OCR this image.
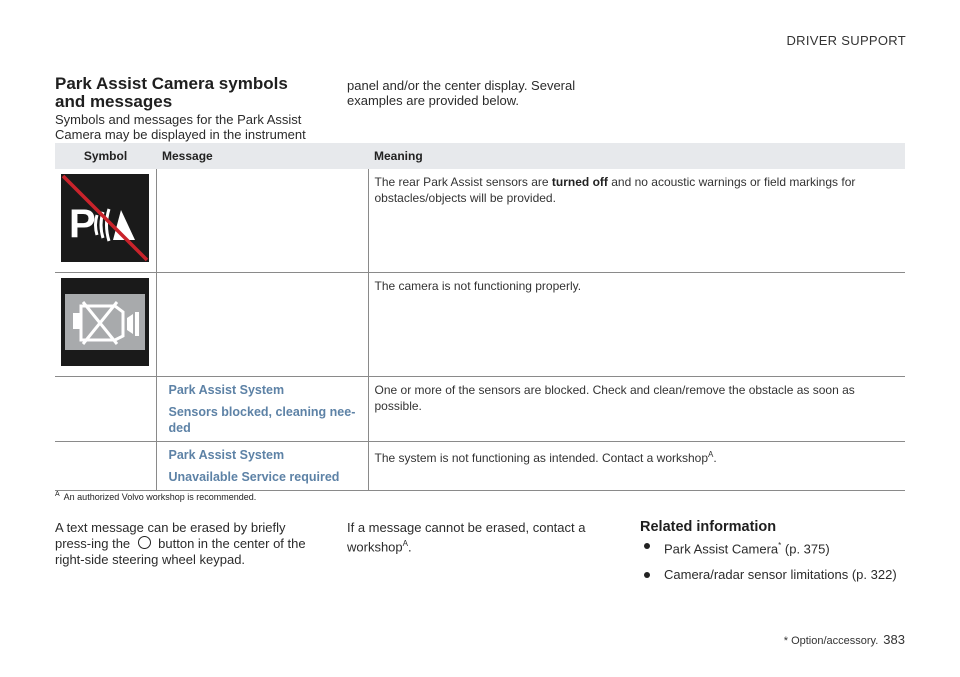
DRIVER SUPPORT
Park Assist Camera symbols and messages
Symbols and messages for the Park Assist Camera may be displayed in the instrument
panel and/or the center display. Several examples are provided below.
Symbol	Message	Meaning

P		The rear Park Assist sensors are turned off and no acoustic warnings or field markings for obstacles/objects will be provided.
		The camera is not functioning properly.

	Park Assist System
Sensors blocked, cleaning nee-ded	One or more of the sensors are blocked. Check and clean/remove the obstacle as soon as possible.

	Park Assist System
Unavailable Service required	The system is not functioning as intended. Contact a workshop$^A$.
$^A$ An authorized Volvo workshop is recommended.
A text message can be erased by briefly press-ing the button in the center of the right-side steering wheel keypad.
If a message cannot be erased, contact a workshop$^A$.
Related information
Park Assist Camera* (p. 375)
Camera/radar sensor limitations (p. 322)
* Option/accessory. 383
